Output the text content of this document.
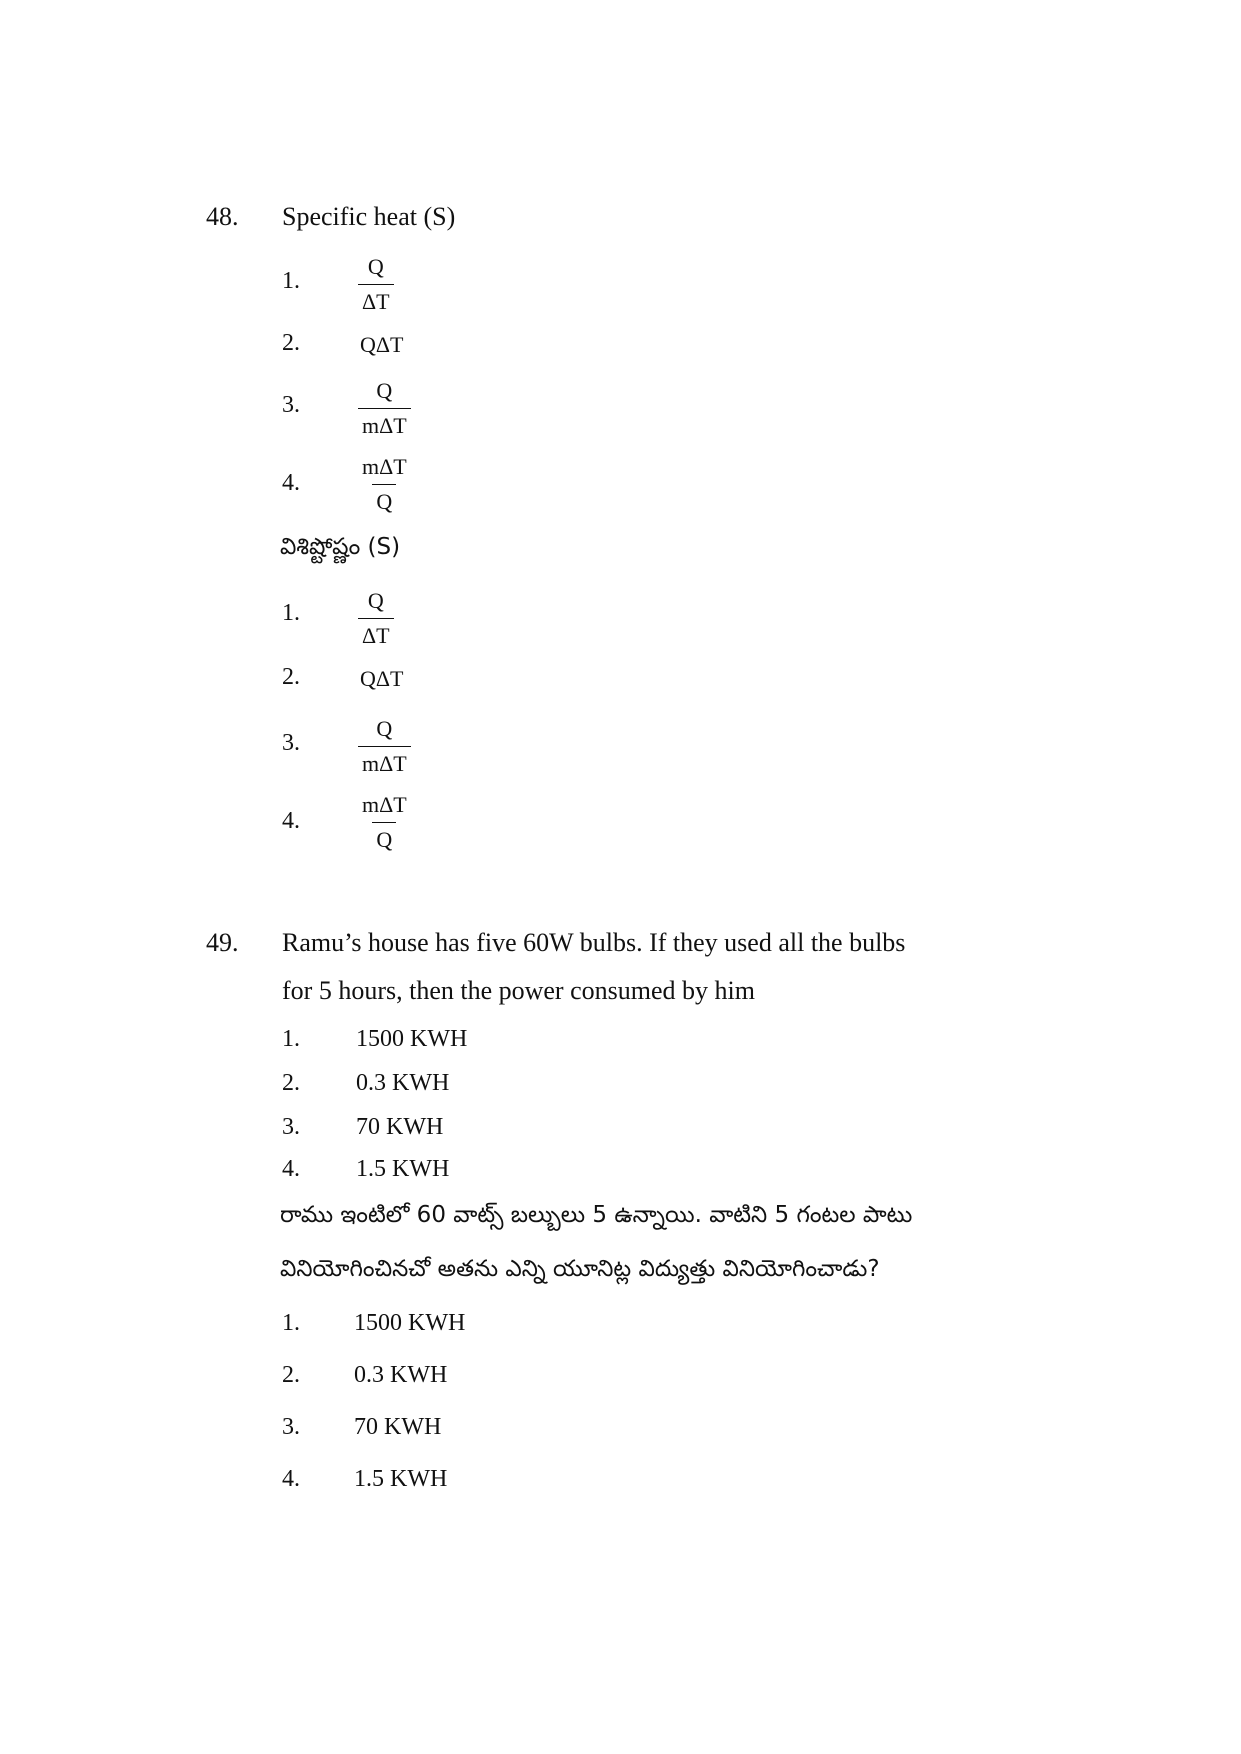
48. Specific heat (S)
1.	$\frac{Q}{\Delta T}$
2.	QΔT
3.
Q
mΔT
4.
mΔT
Q
విశిష్టోష్ణం (S)
1.	$\frac{Q}{\Delta T}$
2.	QΔT
3.
Q
mΔT
4.
mΔT
Q
49. Ramu’s house has five 60W bulbs. If they used all the bulbs
for 5 hours, then the power consumed by him
1. 1500 KWH
2. 0.3 KWH
3. 70 KWH
4. 1.5 KWH
రాము ఇంటిలో 60 వాట్స్ బల్బులు 5 ఉన్నాయి. వాటిని 5 గంటల పాటు
వినియోగించినచో అతను ఎన్ని యూనిట్ల విద్యుత్తు వినియోగించాడు?
1. 1500 KWH
2. 0.3 KWH
3. 70 KWH
4. 1.5 KWH
